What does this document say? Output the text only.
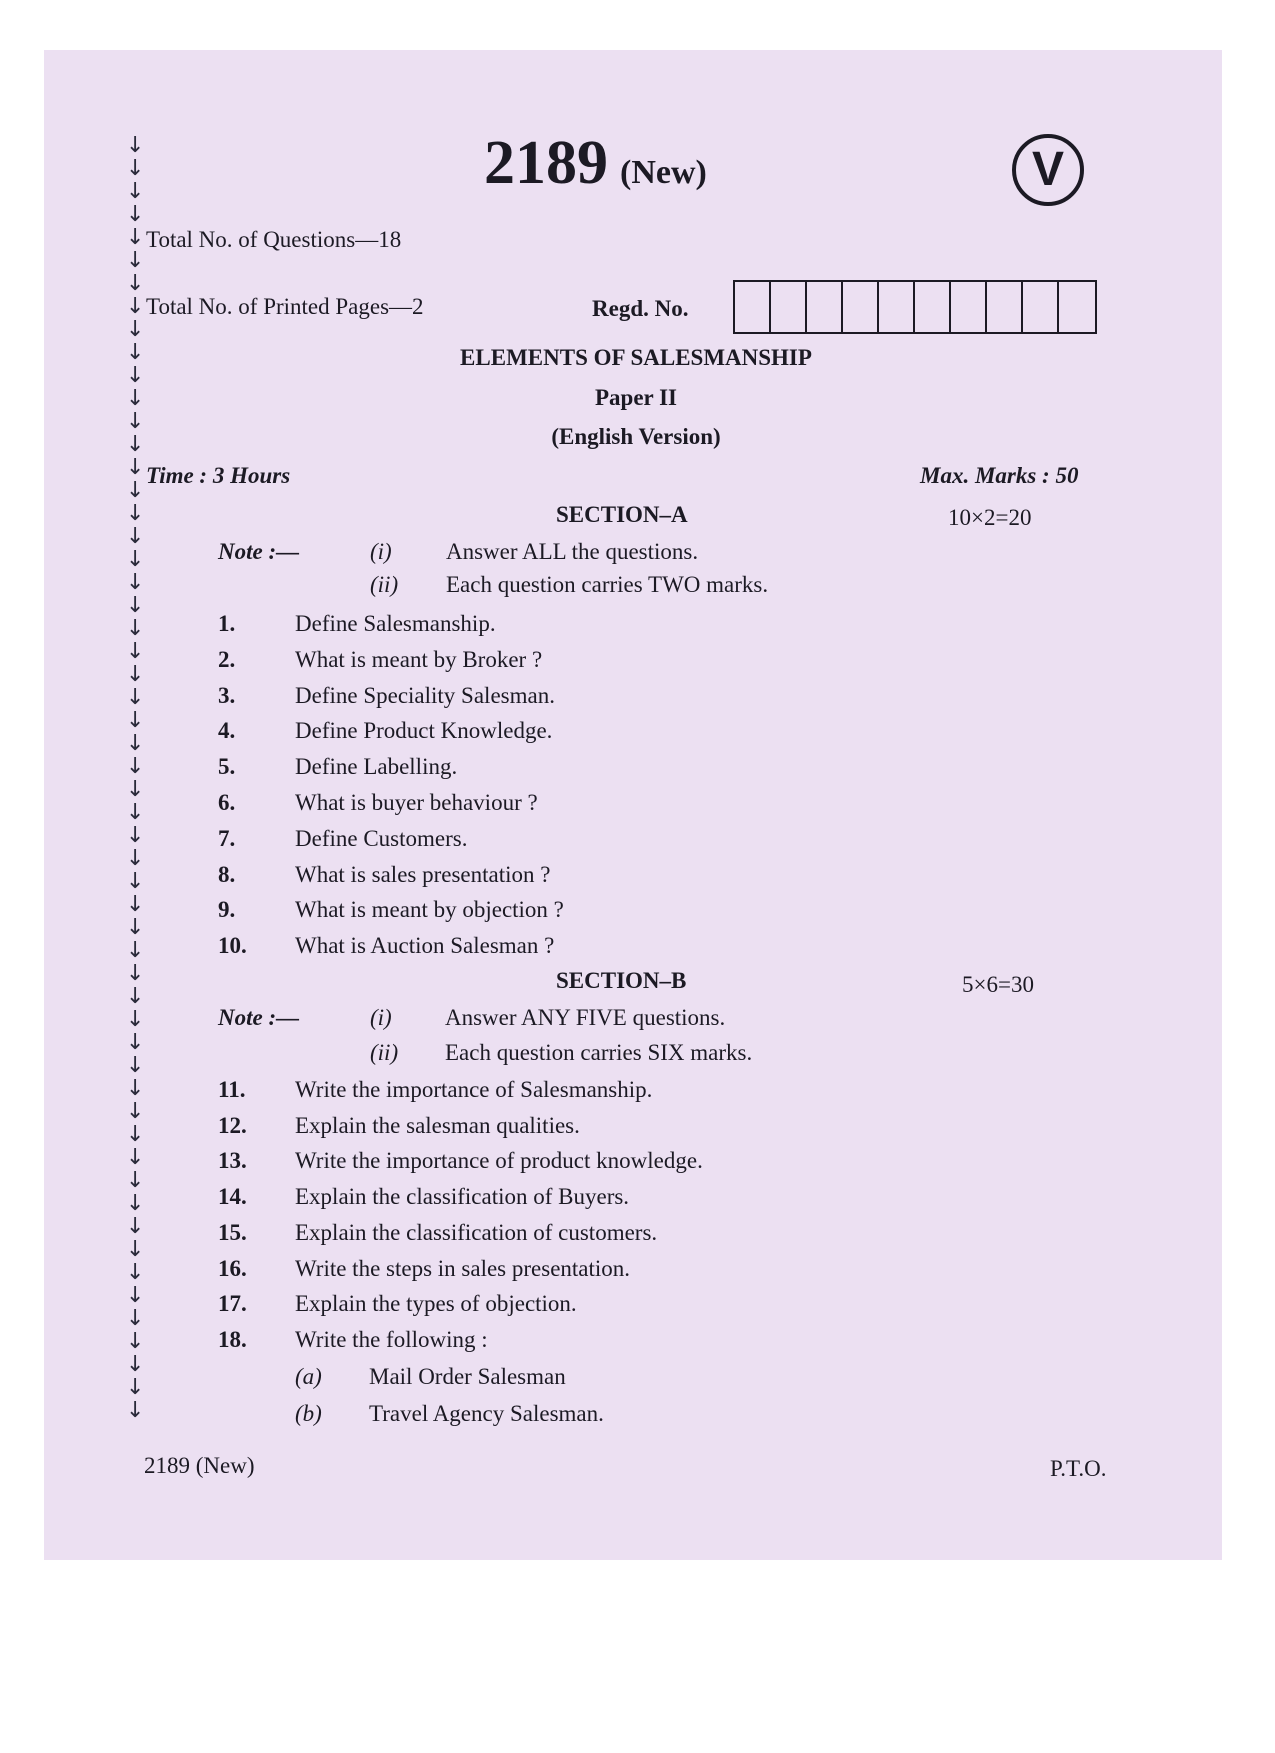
↓
↓
↓
↓
↓
↓
↓
↓
↓
↓
↓
↓
↓
↓
↓
↓
↓
↓
↓
↓
↓
↓
↓
↓
↓
↓
↓
↓
↓
↓
↓
↓
↓
↓
↓
↓
↓
↓
↓
↓
↓
↓
↓
↓
↓
↓
↓
↓
↓
↓
↓
↓
↓
↓
↓
↓
2189 (New)	V
Total No. of Questions—18
Total No. of Printed Pages—2	Regd. No.
ELEMENTS OF SALESMANSHIP
Paper II
(English Version)
Time : 3 Hours	Max. Marks : 50
SECTION–A	10×2=20
Note :—	(i) Answer ALL the questions.
(ii) Each question carries TWO marks.
1.	Define Salesmanship.
2.	What is meant by Broker ?
3.	Define Speciality Salesman.
4.	Define Product Knowledge.
5.	Define Labelling.
6.	What is buyer behaviour ?
7.	Define Customers.
8.	What is sales presentation ?
9.	What is meant by objection ?
10. What is Auction Salesman ?
SECTION–B	5×6=30
Note :—	(i) Answer ANY FIVE questions.
(ii) Each question carries SIX marks.
11. Write the importance of Salesmanship.
12. Explain the salesman qualities.
13. Write the importance of product knowledge.
14. Explain the classification of Buyers.
15. Explain the classification of customers.
16. Write the steps in sales presentation.
17. Explain the types of objection.
18. Write the following :
(a) Mail Order Salesman
(b) Travel Agency Salesman.
2189 (New)	P.T.O.
